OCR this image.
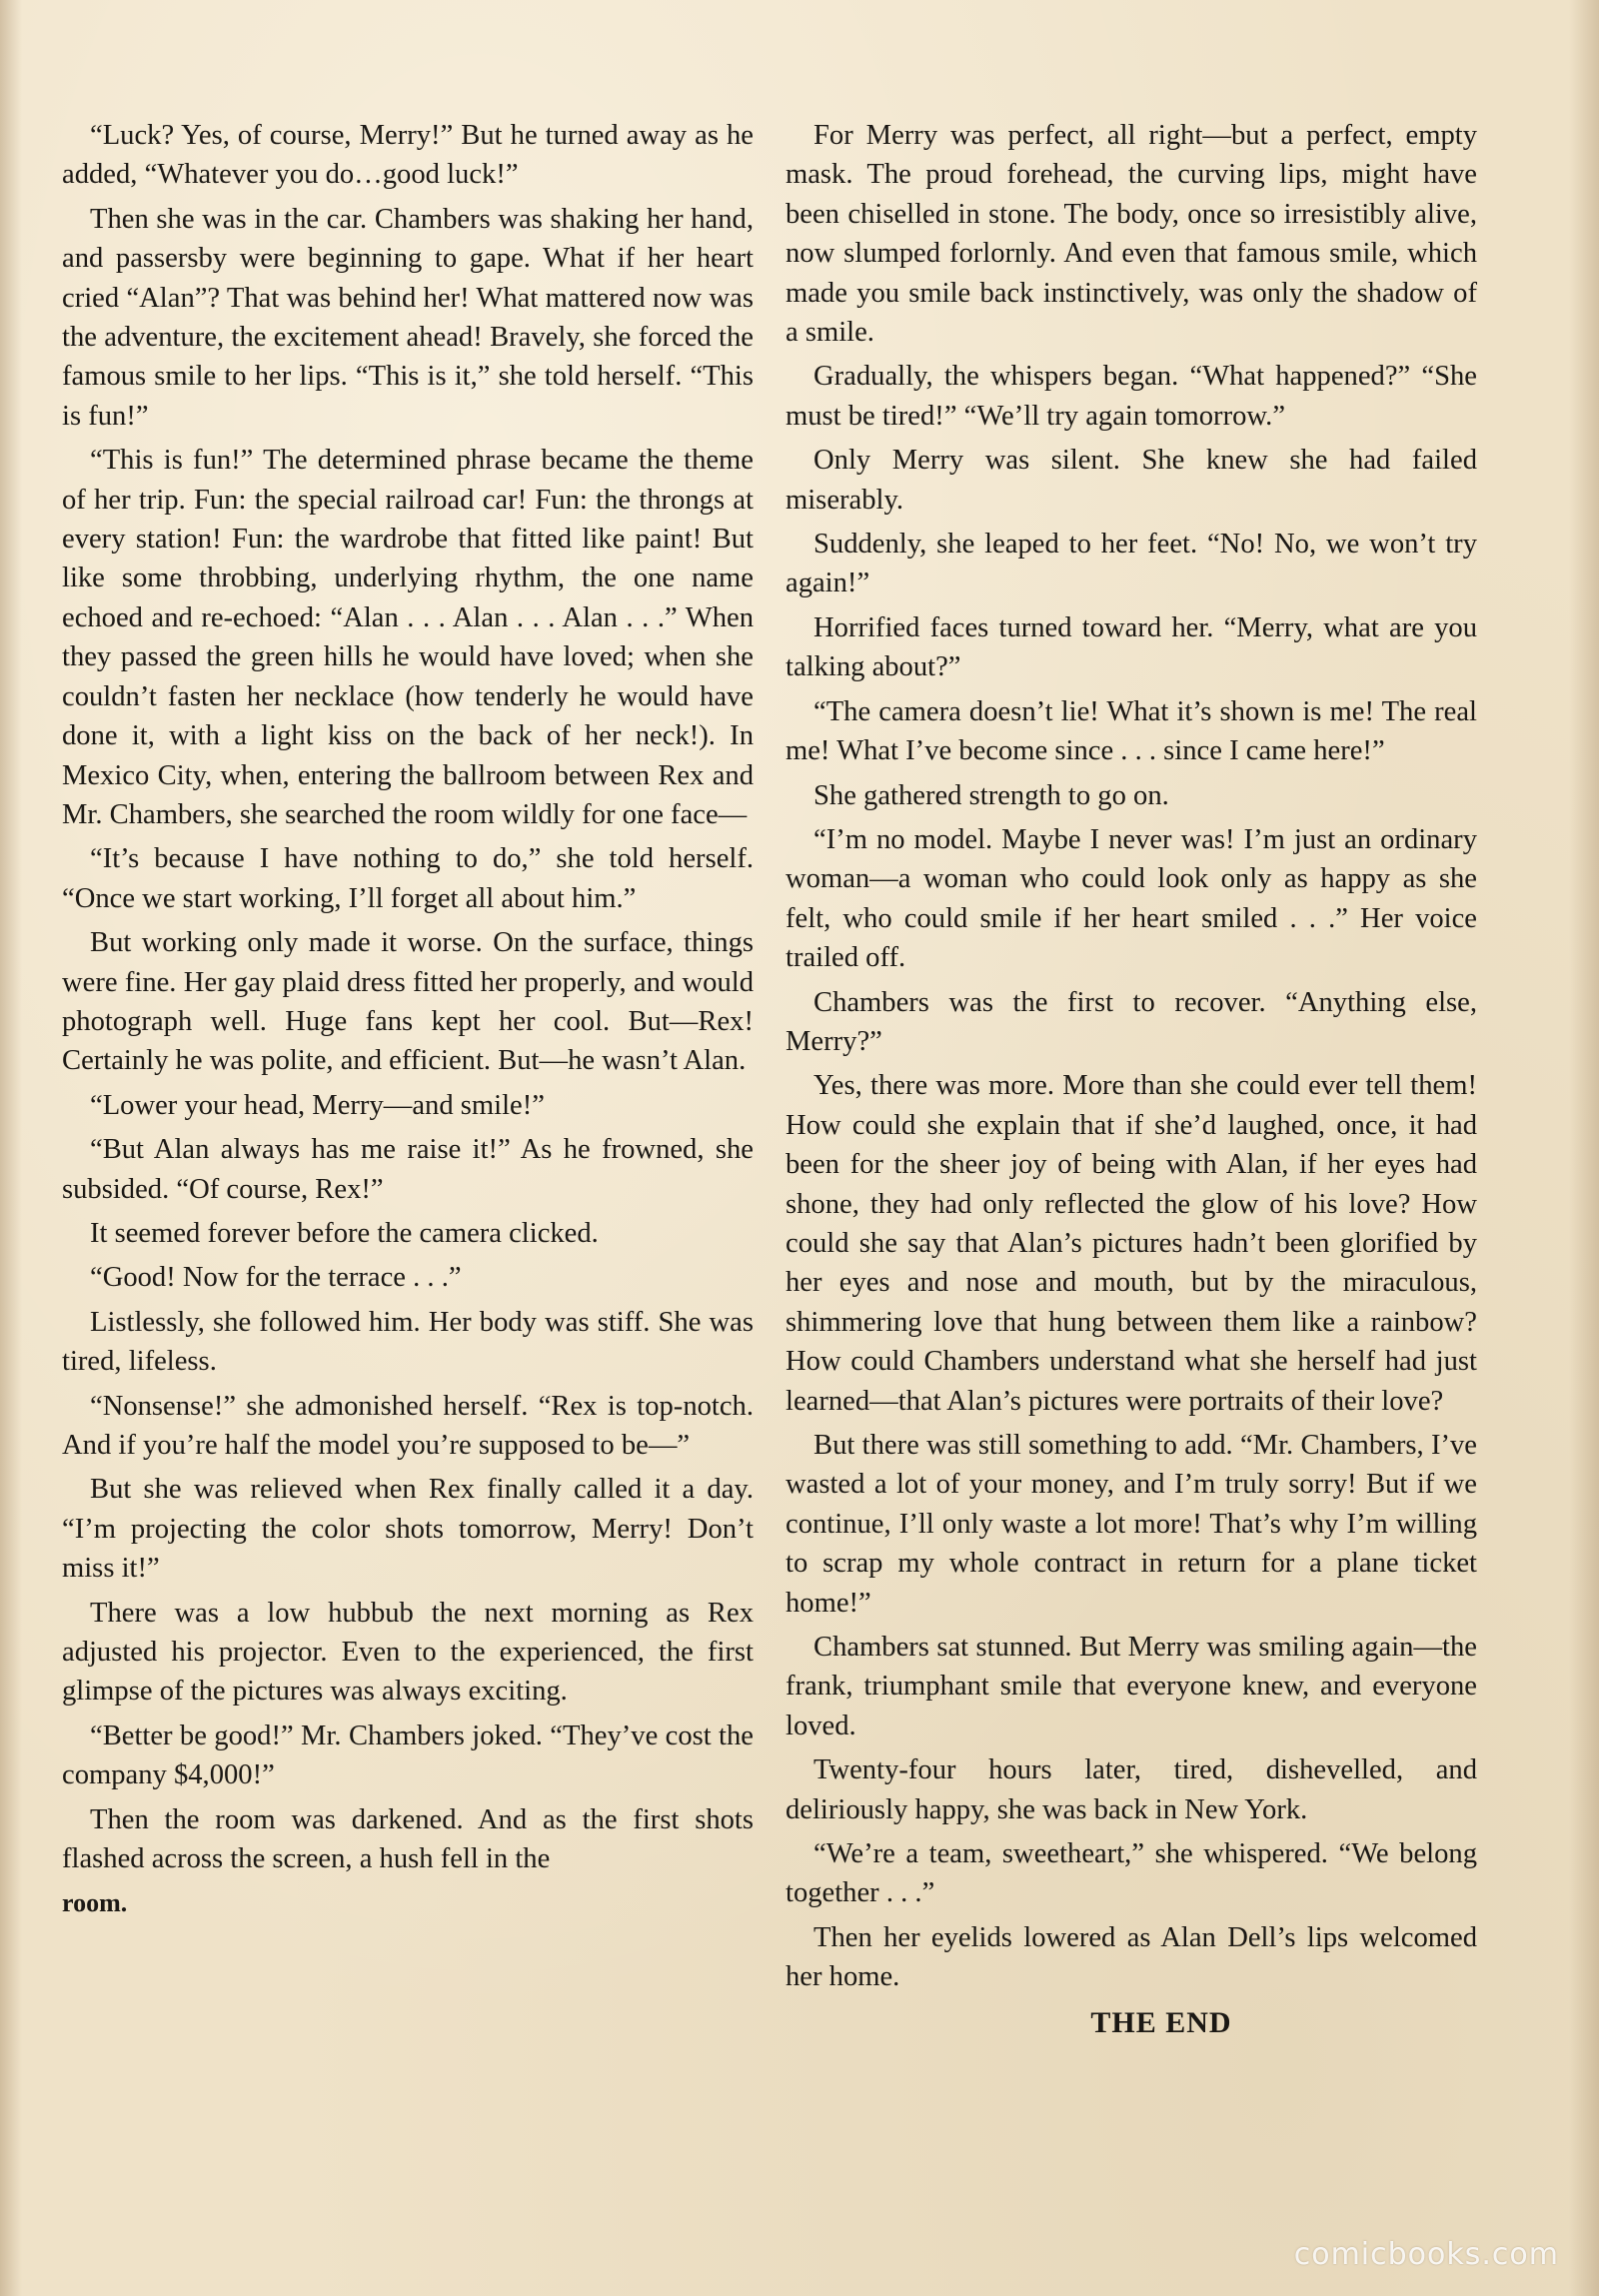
“Luck? Yes, of course, Merry!” But he turned away as he added, “Whatever you do…good luck!”

Then she was in the car. Chambers was shaking her hand, and passersby were beginning to gape. What if her heart cried “Alan”? That was behind her! What mattered now was the adventure, the excitement ahead! Bravely, she forced the famous smile to her lips. “This is it,” she told herself. “This is fun!”

“This is fun!” The determined phrase became the theme of her trip. Fun: the special railroad car! Fun: the throngs at every station! Fun: the wardrobe that fitted like paint! But like some throbbing, underlying rhythm, the one name echoed and re-echoed: “Alan . . . Alan . . . Alan . . .” When they passed the green hills he would have loved; when she couldn’t fasten her necklace (how tenderly he would have done it, with a light kiss on the back of her neck!). In Mexico City, when, entering the ballroom between Rex and Mr. Chambers, she searched the room wildly for one face—

“It’s because I have nothing to do,” she told herself. “Once we start working, I’ll forget all about him.”

But working only made it worse. On the surface, things were fine. Her gay plaid dress fitted her properly, and would photograph well. Huge fans kept her cool. But—Rex! Certainly he was polite, and efficient. But—he wasn’t Alan.

“Lower your head, Merry—and smile!”

“But Alan always has me raise it!” As he frowned, she subsided. “Of course, Rex!”

It seemed forever before the camera clicked.

“Good! Now for the terrace . . .”

Listlessly, she followed him. Her body was stiff. She was tired, lifeless.

“Nonsense!” she admonished herself. “Rex is top-notch. And if you’re half the model you’re supposed to be—”

But she was relieved when Rex finally called it a day. “I’m projecting the color shots tomorrow, Merry! Don’t miss it!”

There was a low hubbub the next morning as Rex adjusted his projector. Even to the experienced, the first glimpse of the pictures was always exciting.

“Better be good!” Mr. Chambers joked. “They’ve cost the company $4,000!”

Then the room was darkened. And as the first shots flashed across the screen, a hush fell in the

room.

For Merry was perfect, all right—but a perfect, empty mask. The proud forehead, the curving lips, might have been chiselled in stone. The body, once so irresistibly alive, now slumped forlornly. And even that famous smile, which made you smile back instinctively, was only the shadow of a smile.

Gradually, the whispers began. “What happened?” “She must be tired!” “We’ll try again tomorrow.”

Only Merry was silent. She knew she had failed miserably.

Suddenly, she leaped to her feet. “No! No, we won’t try again!”

Horrified faces turned toward her. “Merry, what are you talking about?”

“The camera doesn’t lie! What it’s shown is me! The real me! What I’ve become since . . . since I came here!”

She gathered strength to go on.

“I’m no model. Maybe I never was! I’m just an ordinary woman—a woman who could look only as happy as she felt, who could smile if her heart smiled . . .” Her voice trailed off.

Chambers was the first to recover. “Anything else, Merry?”

Yes, there was more. More than she could ever tell them! How could she explain that if she’d laughed, once, it had been for the sheer joy of being with Alan, if her eyes had shone, they had only reflected the glow of his love? How could she say that Alan’s pictures hadn’t been glorified by her eyes and nose and mouth, but by the miraculous, shimmering love that hung between them like a rainbow? How could Chambers understand what she herself had just learned—that Alan’s pictures were portraits of their love?

But there was still something to add. “Mr. Chambers, I’ve wasted a lot of your money, and I’m truly sorry! But if we continue, I’ll only waste a lot more! That’s why I’m willing to scrap my whole contract in return for a plane ticket home!”

Chambers sat stunned. But Merry was smiling again—the frank, triumphant smile that everyone knew, and everyone loved.

Twenty-four hours later, tired, dishevelled, and deliriously happy, she was back in New York.

“We’re a team, sweetheart,” she whispered. “We belong together . . .”

Then her eyelids lowered as Alan Dell’s lips welcomed her home.

THE END

comicbooks.com
